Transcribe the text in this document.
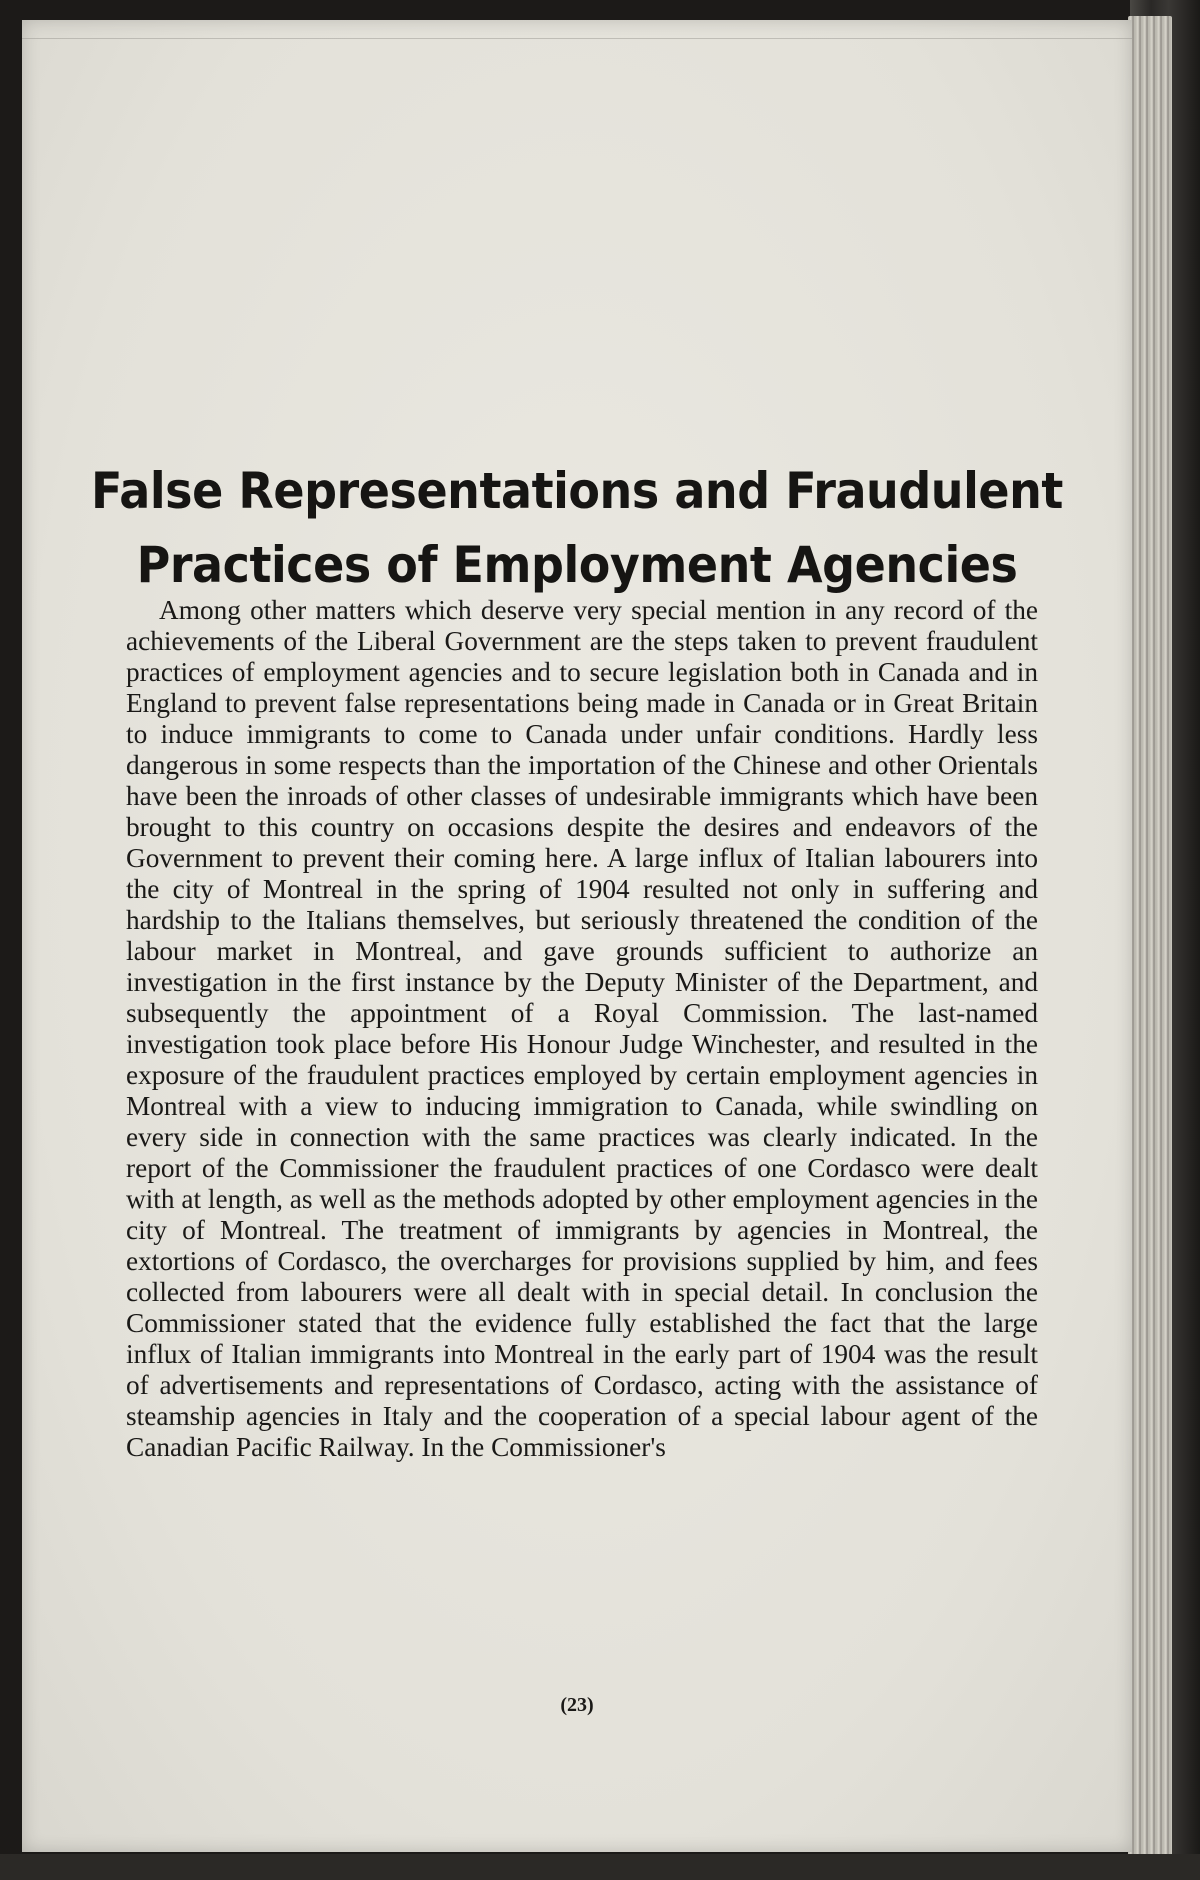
False Representations and Fraudulent
Practices of Employment Agencies

Among other matters which deserve very special mention in any record of the achievements of the Liberal Government are the steps taken to prevent fraudulent practices of employment agencies and to secure legislation both in Canada and in England to prevent false representations being made in Canada or in Great Britain to induce immigrants to come to Canada under unfair conditions. Hardly less dangerous in some respects than the importation of the Chinese and other Orientals have been the inroads of other classes of undesirable immigrants which have been brought to this country on occasions despite the desires and endeavors of the Government to prevent their coming here. A large influx of Italian labourers into the city of Montreal in the spring of 1904 resulted not only in suffering and hardship to the Italians themselves, but seriously threatened the condition of the labour market in Montreal, and gave grounds sufficient to authorize an investigation in the first instance by the Deputy Minister of the Department, and subsequently the appointment of a Royal Commission. The last-named investigation took place before His Honour Judge Winchester, and resulted in the exposure of the fraudulent practices employed by certain employment agencies in Montreal with a view to inducing immigration to Canada, while swindling on every side in connection with the same practices was clearly indicated. In the report of the Commissioner the fraudulent practices of one Cordasco were dealt with at length, as well as the methods adopted by other employment agencies in the city of Montreal. The treatment of immigrants by agencies in Montreal, the extortions of Cordasco, the overcharges for provisions supplied by him, and fees collected from labourers were all dealt with in special detail. In conclusion the Commissioner stated that the evidence fully established the fact that the large influx of Italian immigrants into Montreal in the early part of 1904 was the result of advertisements and representations of Cordasco, acting with the assistance of steamship agencies in Italy and the cooperation of a special labour agent of the Canadian Pacific Railway. In the Commissioner's

(23)
